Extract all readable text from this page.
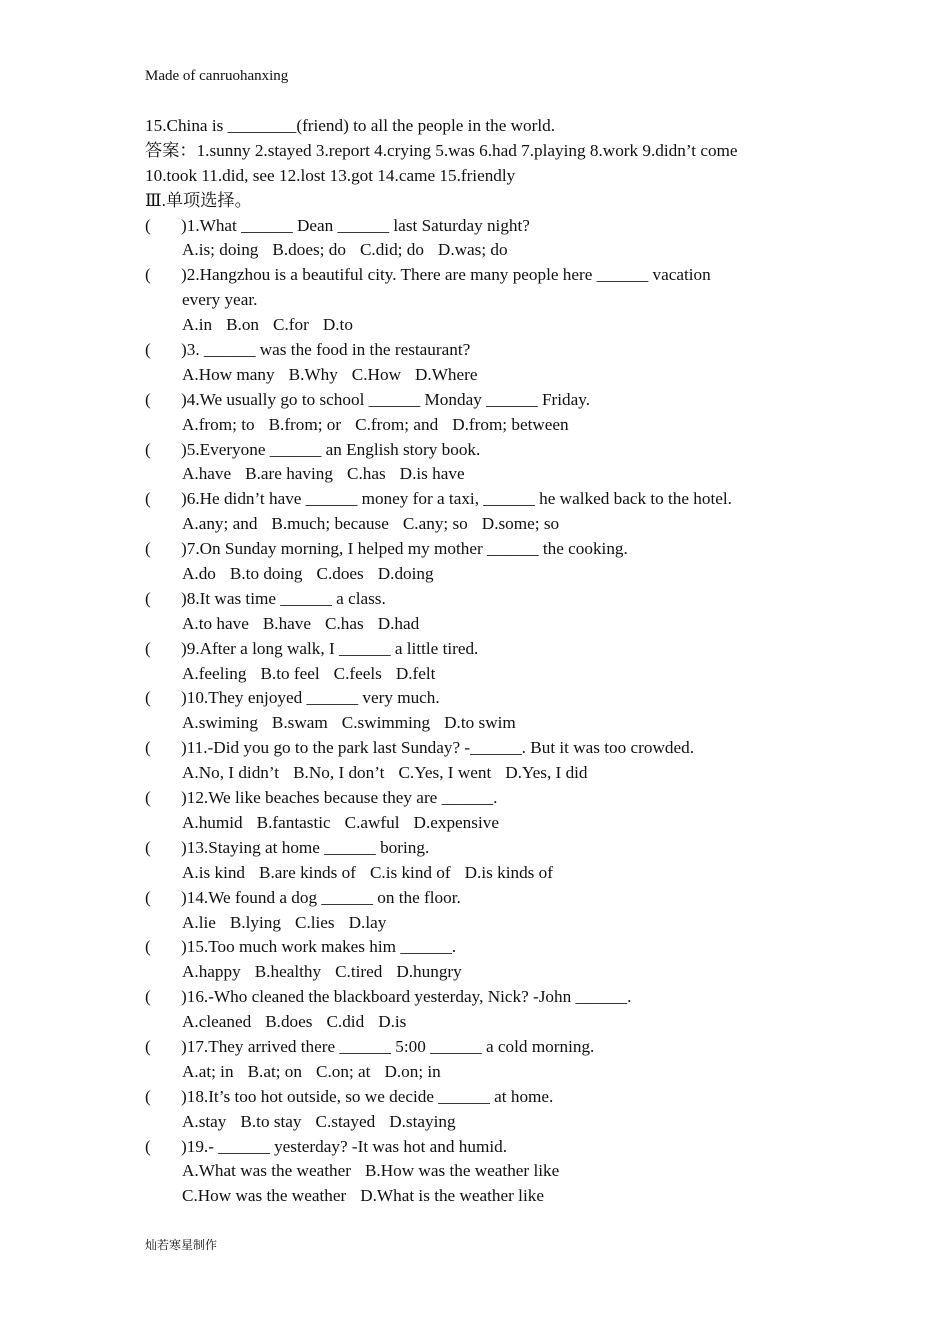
Made of canruohanxing
15.China is ________(friend) to all the people in the world.
答案：1.sunny 2.stayed 3.report 4.crying 5.was 6.had 7.playing 8.work 9.didn’t come
10.took 11.did, see 12.lost 13.got 14.came 15.friendly
Ⅲ.单项选择。
(	)1.What ______ Dean ______ last Saturday night?
A.is; doing B.does; do C.did; do D.was; do
(	)2.Hangzhou is a beautiful city. There are many people here ______ vacation
every year.
A.in B.on C.for D.to
(	)3. ______ was the food in the restaurant?
A.How many B.Why C.How D.Where
(	)4.We usually go to school ______ Monday ______ Friday.
A.from; to B.from; or C.from; and D.from; between
(	)5.Everyone ______ an English story book.
A.have B.are having C.has D.is have
(	)6.He didn’t have ______ money for a taxi, ______ he walked back to the hotel.
A.any; and B.much; because C.any; so D.some; so
(	)7.On Sunday morning, I helped my mother ______ the cooking.
A.do B.to doing C.does D.doing
(	)8.It was time ______ a class.
A.to have B.have C.has D.had
(	)9.After a long walk, I ______ a little tired.
A.feeling B.to feel C.feels D.felt
(	)10.They enjoyed ______ very much.
A.swiming B.swam C.swimming D.to swim
(	)11.-Did you go to the park last Sunday? -______. But it was too crowded.
A.No, I didn’t B.No, I don’t C.Yes, I went D.Yes, I did
(	)12.We like beaches because they are ______.
A.humid B.fantastic C.awful D.expensive
(	)13.Staying at home ______ boring.
A.is kind B.are kinds of C.is kind of D.is kinds of
(	)14.We found a dog ______ on the floor.
A.lie B.lying C.lies D.lay
(	)15.Too much work makes him ______.
A.happy B.healthy C.tired D.hungry
(	)16.-Who cleaned the blackboard yesterday, Nick? -John ______.
A.cleaned B.does C.did D.is
(	)17.They arrived there ______ 5:00 ______ a cold morning.
A.at; in B.at; on C.on; at D.on; in
(	)18.It’s too hot outside, so we decide ______ at home.
A.stay B.to stay C.stayed D.staying
(	)19.- ______ yesterday? -It was hot and humid.
A.What was the weather B.How was the weather like
C.How was the weather D.What is the weather like
灿若寒星制作
